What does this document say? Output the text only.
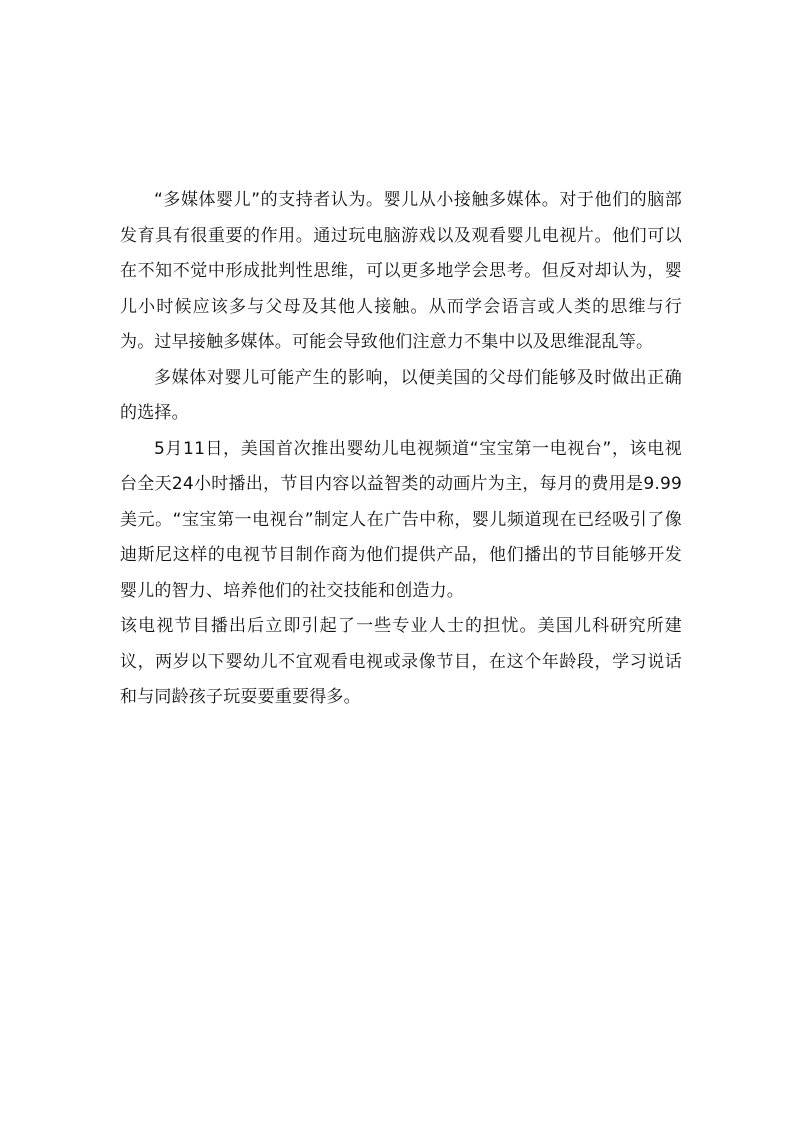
“多媒体婴儿”的支持者认为。婴儿从小接触多媒体。对于他们的脑部发育具有很重要的作用。通过玩电脑游戏以及观看婴儿电视片。他们可以在不知不觉中形成批判性思维，可以更多地学会思考。但反对却认为，婴儿小时候应该多与父母及其他人接触。从而学会语言或人类的思维与行为。过早接触多媒体。可能会导致他们注意力不集中以及思维混乱等。

多媒体对婴儿可能产生的影响，以便美国的父母们能够及时做出正确的选择。

5月11日，美国首次推出婴幼儿电视频道“宝宝第一电视台”，该电视台全天24小时播出，节目内容以益智类的动画片为主，每月的费用是9.99美元。“宝宝第一电视台”制定人在广告中称，婴儿频道现在已经吸引了像迪斯尼这样的电视节目制作商为他们提供产品，他们播出的节目能够开发婴儿的智力、培养他们的社交技能和创造力。

该电视节目播出后立即引起了一些专业人士的担忧。美国儿科研究所建议，两岁以下婴幼儿不宜观看电视或录像节目，在这个年龄段，学习说话和与同龄孩子玩耍要重要得多。
